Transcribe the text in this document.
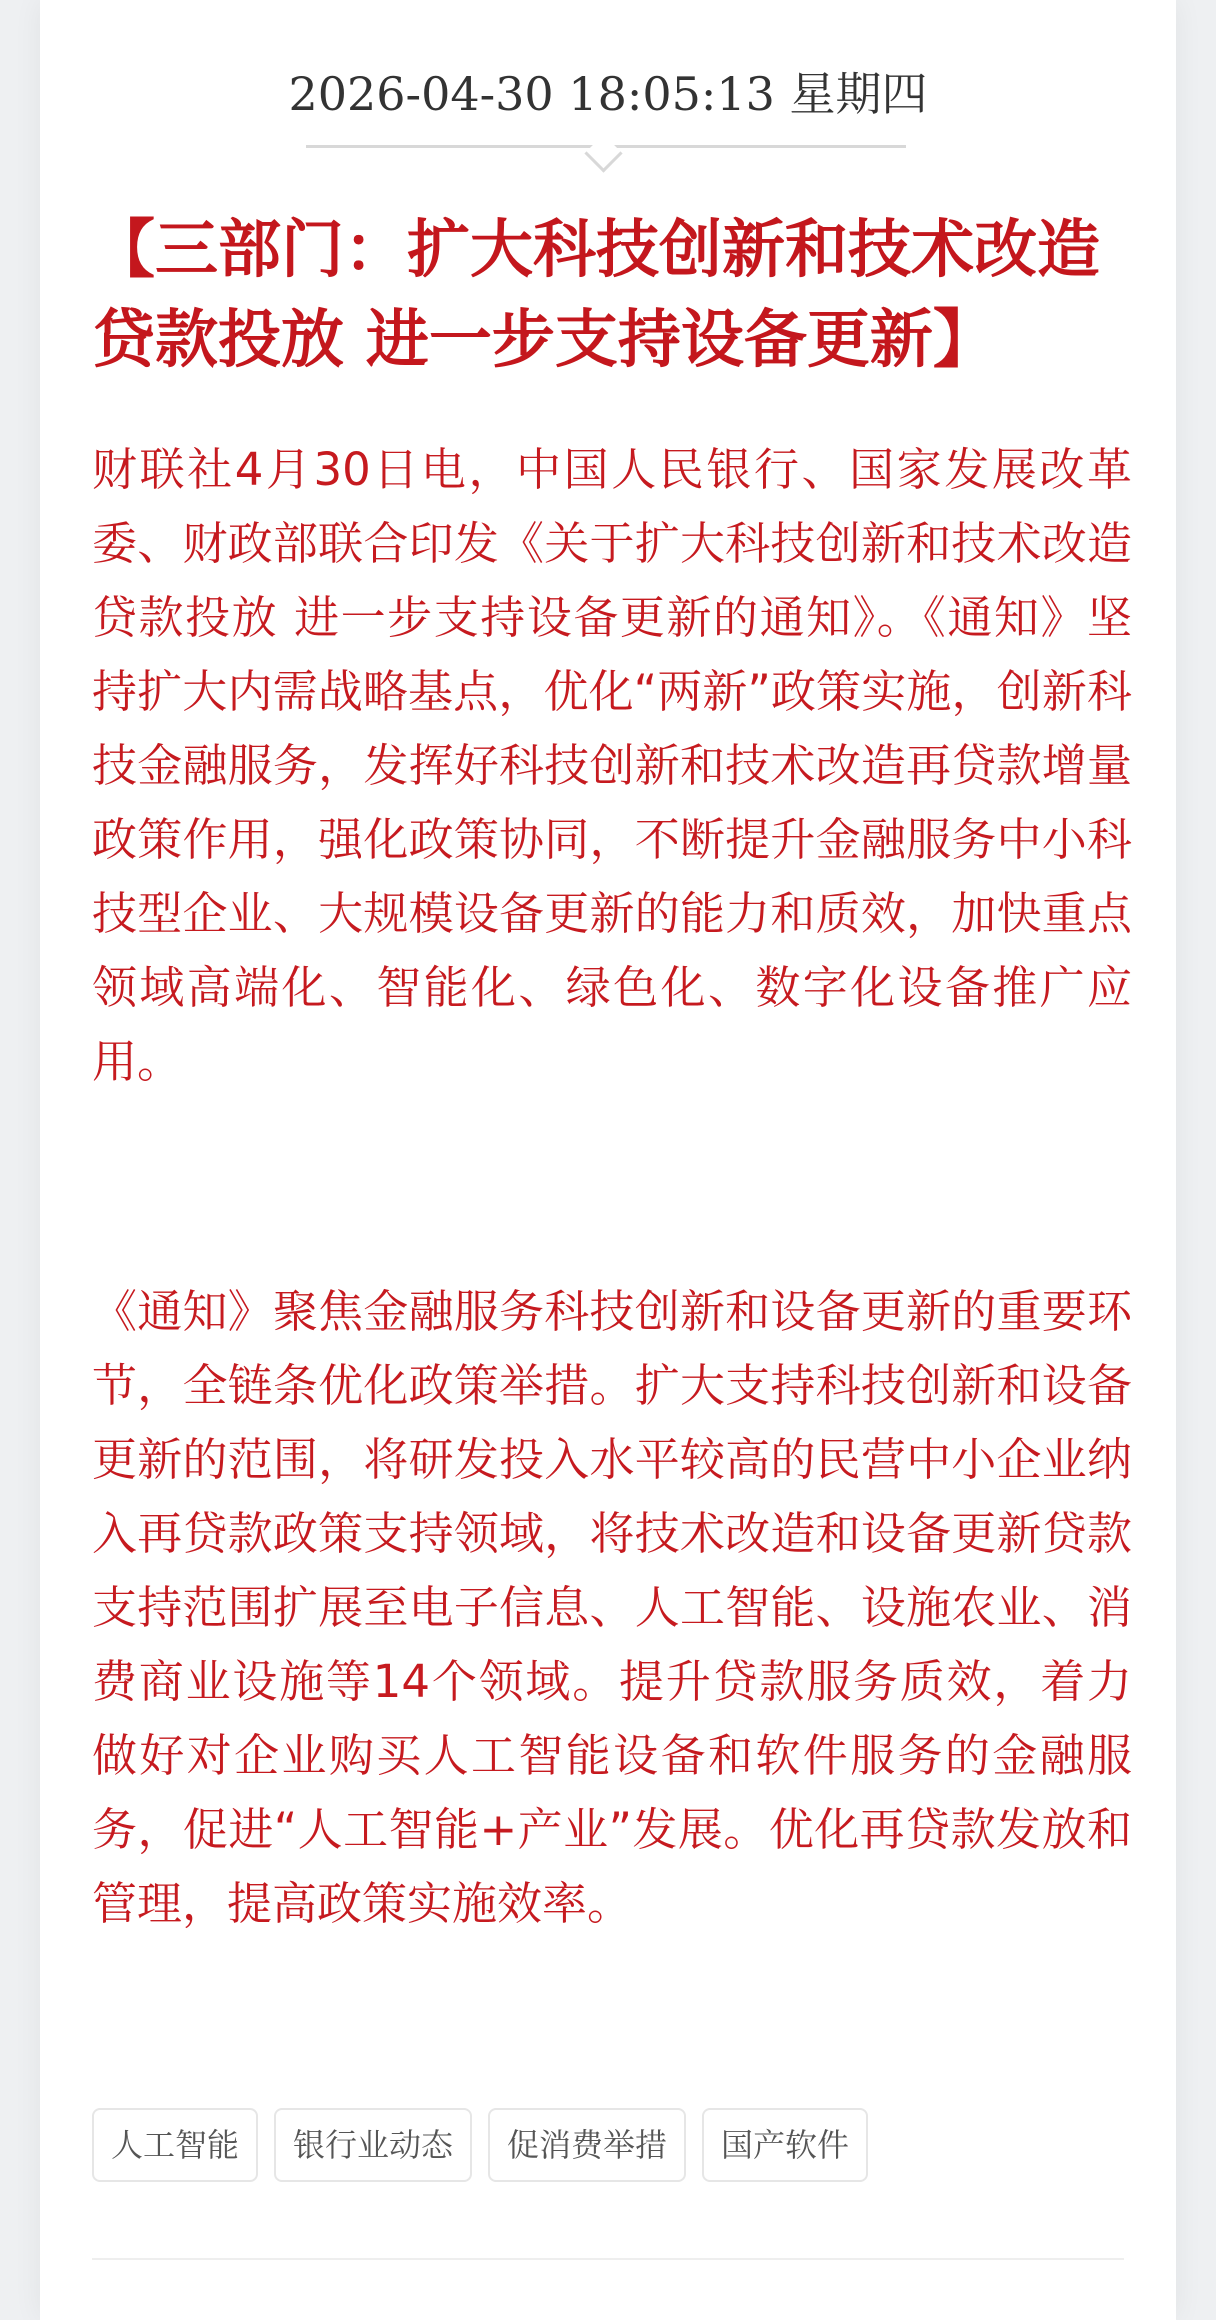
2026-04-30 18:05:13 星期四
【三部门：扩大科技创新和技术改造贷款投放 进一步支持设备更新】

财联社4月30日电，中国人民银行、国家发展改革委、财政部联合印发《关于扩大科技创新和技术改造贷款投放 进一步支持设备更新的通知》。《通知》坚持扩大内需战略基点，优化“两新”政策实施，创新科技金融服务，发挥好科技创新和技术改造再贷款增量政策作用，强化政策协同，不断提升金融服务中小科技型企业、大规模设备更新的能力和质效，加快重点领域高端化、智能化、绿色化、数字化设备推广应用。

《通知》聚焦金融服务科技创新和设备更新的重要环节，全链条优化政策举措。扩大支持科技创新和设备更新的范围，将研发投入水平较高的民营中小企业纳入再贷款政策支持领域，将技术改造和设备更新贷款支持范围扩展至电子信息、人工智能、设施农业、消费商业设施等14个领域。提升贷款服务质效，着力做好对企业购买人工智能设备和软件服务的金融服务，促进“人工智能+产业”发展。优化再贷款发放和管理，提高政策实施效率。

人工智能	银行业动态	促消费举措	国产软件
